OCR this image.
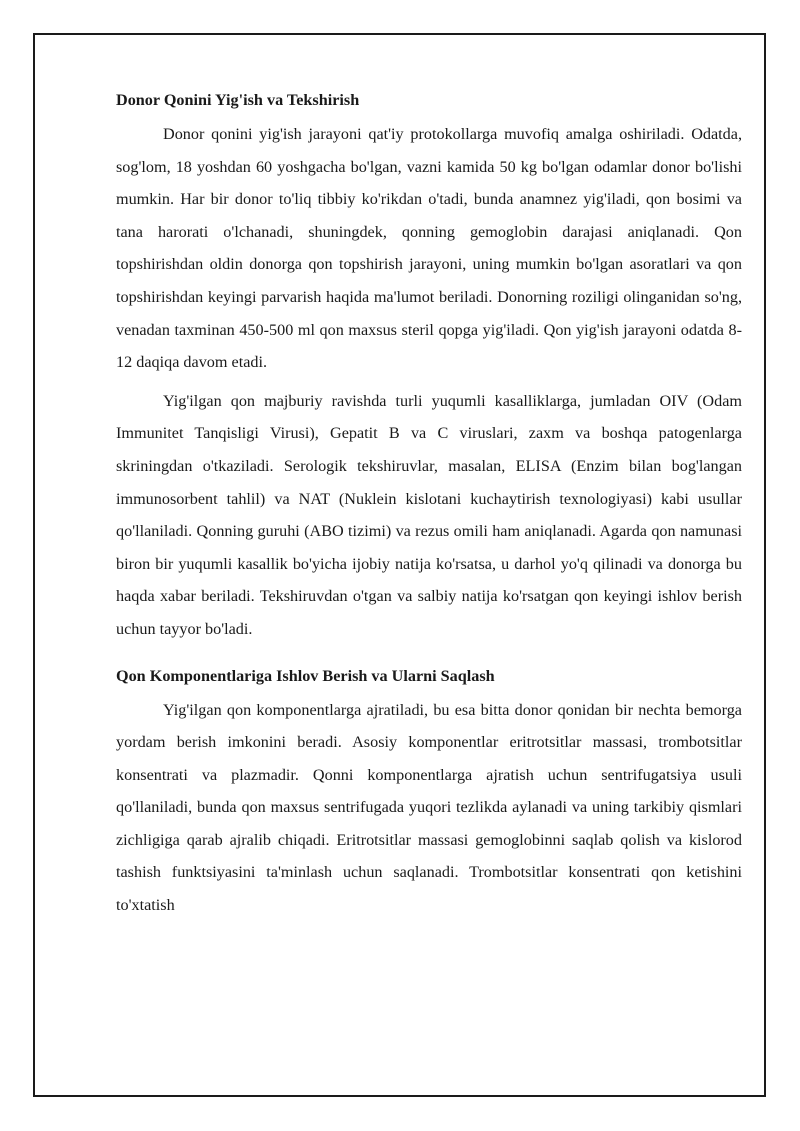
Donor Qonini Yig'ish va Tekshirish

Donor qonini yig'ish jarayoni qat'iy protokollarga muvofiq amalga oshiriladi. Odatda, sog'lom, 18 yoshdan 60 yoshgacha bo'lgan, vazni kamida 50 kg bo'lgan odamlar donor bo'lishi mumkin. Har bir donor to'liq tibbiy ko'rikdan o'tadi, bunda anamnez yig'iladi, qon bosimi va tana harorati o'lchanadi, shuningdek, qonning gemoglobin darajasi aniqlanadi. Qon topshirishdan oldin donorga qon topshirish jarayoni, uning mumkin bo'lgan asoratlari va qon topshirishdan keyingi parvarish haqida ma'lumot beriladi. Donorning roziligi olinganidan so'ng, venadan taxminan 450-500 ml qon maxsus steril qopga yig'iladi. Qon yig'ish jarayoni odatda 8-12 daqiqa davom etadi.

Yig'ilgan qon majburiy ravishda turli yuqumli kasalliklarga, jumladan OIV (Odam Immunitet Tanqisligi Virusi), Gepatit B va C viruslari, zaxm va boshqa patogenlarga skriningdan o'tkaziladi. Serologik tekshiruvlar, masalan, ELISA (Enzim bilan bog'langan immunosorbent tahlil) va NAT (Nuklein kislotani kuchaytirish texnologiyasi) kabi usullar qo'llaniladi. Qonning guruhi (ABO tizimi) va rezus omili ham aniqlanadi. Agarda qon namunasi biron bir yuqumli kasallik bo'yicha ijobiy natija ko'rsatsa, u darhol yo'q qilinadi va donorga bu haqda xabar beriladi. Tekshiruvdan o'tgan va salbiy natija ko'rsatgan qon keyingi ishlov berish uchun tayyor bo'ladi.

Qon Komponentlariga Ishlov Berish va Ularni Saqlash

Yig'ilgan qon komponentlarga ajratiladi, bu esa bitta donor qonidan bir nechta bemorga yordam berish imkonini beradi. Asosiy komponentlar eritrotsitlar massasi, trombotsitlar konsentrati va plazmadir. Qonni komponentlarga ajratish uchun sentrifugatsiya usuli qo'llaniladi, bunda qon maxsus sentrifugada yuqori tezlikda aylanadi va uning tarkibiy qismlari zichligiga qarab ajralib chiqadi. Eritrotsitlar massasi gemoglobinni saqlab qolish va kislorod tashish funktsiyasini ta'minlash uchun saqlanadi. Trombotsitlar konsentrati qon ketishini to'xtatish
